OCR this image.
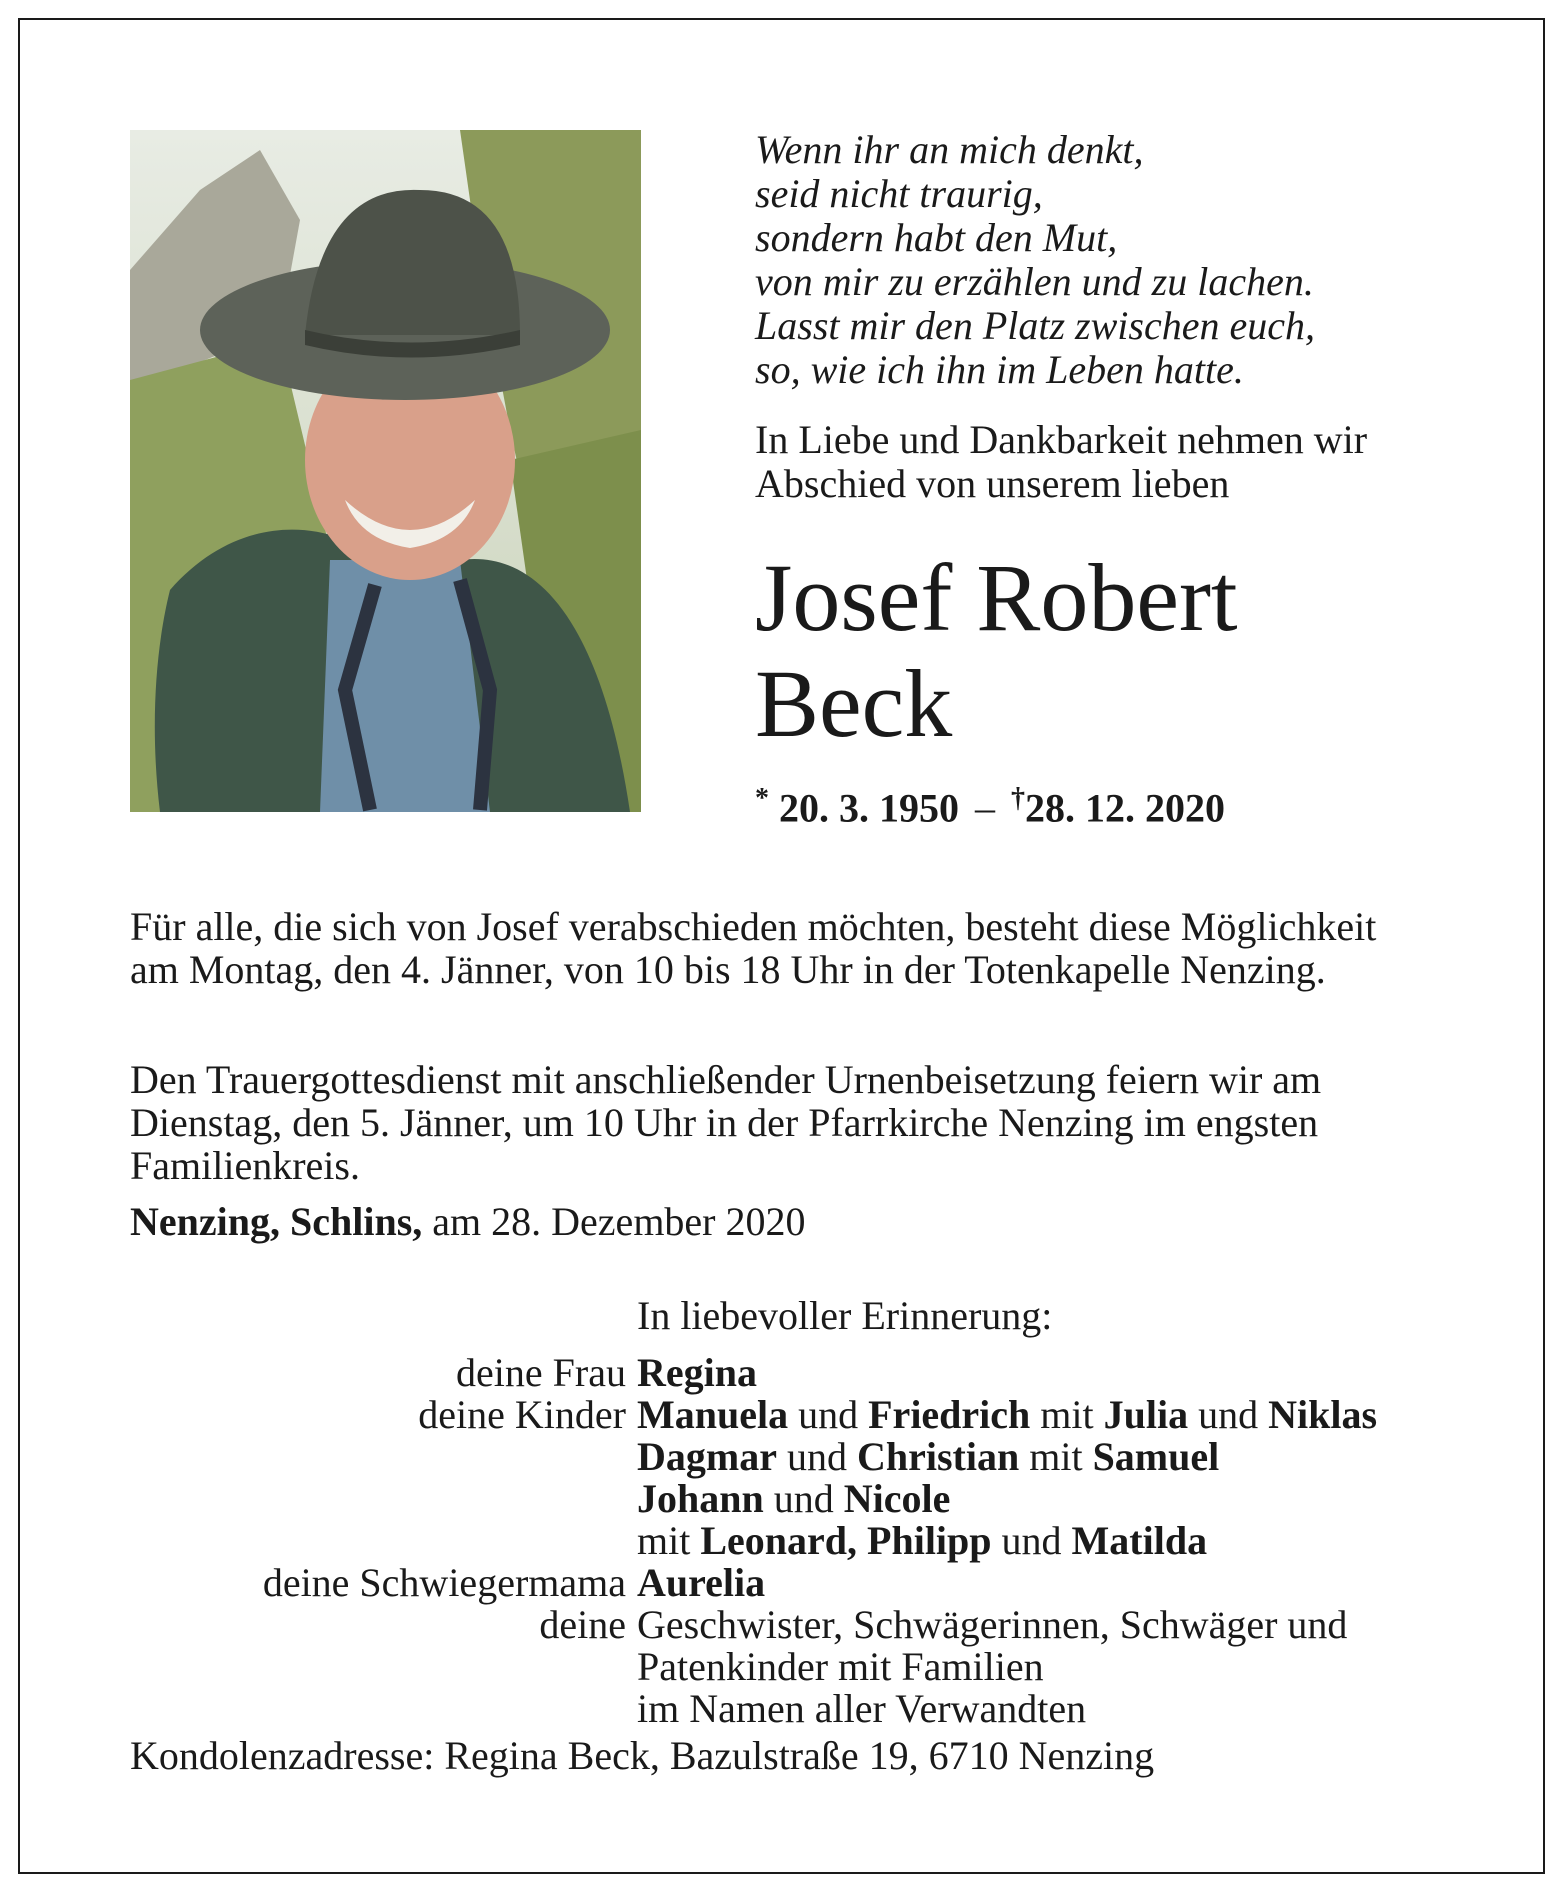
Wenn ihr an mich denkt,
seid nicht traurig,
sondern habt den Mut,
von mir zu erzählen und zu lachen.
Lasst mir den Platz zwischen euch,
so, wie ich ihn im Leben hatte.
In Liebe und Dankbarkeit nehmen wir
Abschied von unserem lieben
Josef Robert
Beck
* 20. 3. 1950 – †28. 12. 2020
Für alle, die sich von Josef verabschieden möchten, besteht diese Möglichkeit
am Montag, den 4. Jänner, von 10 bis 18 Uhr in der Totenkapelle Nenzing.
Den Trauergottesdienst mit anschließender Urnenbeisetzung feiern wir am
Dienstag, den 5. Jänner, um 10 Uhr in der Pfarrkirche Nenzing im engsten
Familienkreis.
Nenzing, Schlins, am 28. Dezember 2020
In liebevoller Erinnerung:
deine Frau Regina
deine Kinder Manuela und Friedrich mit Julia und Niklas
Dagmar und Christian mit Samuel
Johann und Nicole
mit Leonard, Philipp und Matilda
deine Schwiegermama Aurelia
deine Geschwister, Schwägerinnen, Schwäger und
Patenkinder mit Familien
im Namen aller Verwandten
Kondolenzadresse: Regina Beck, Bazulstraße 19, 6710 Nenzing
